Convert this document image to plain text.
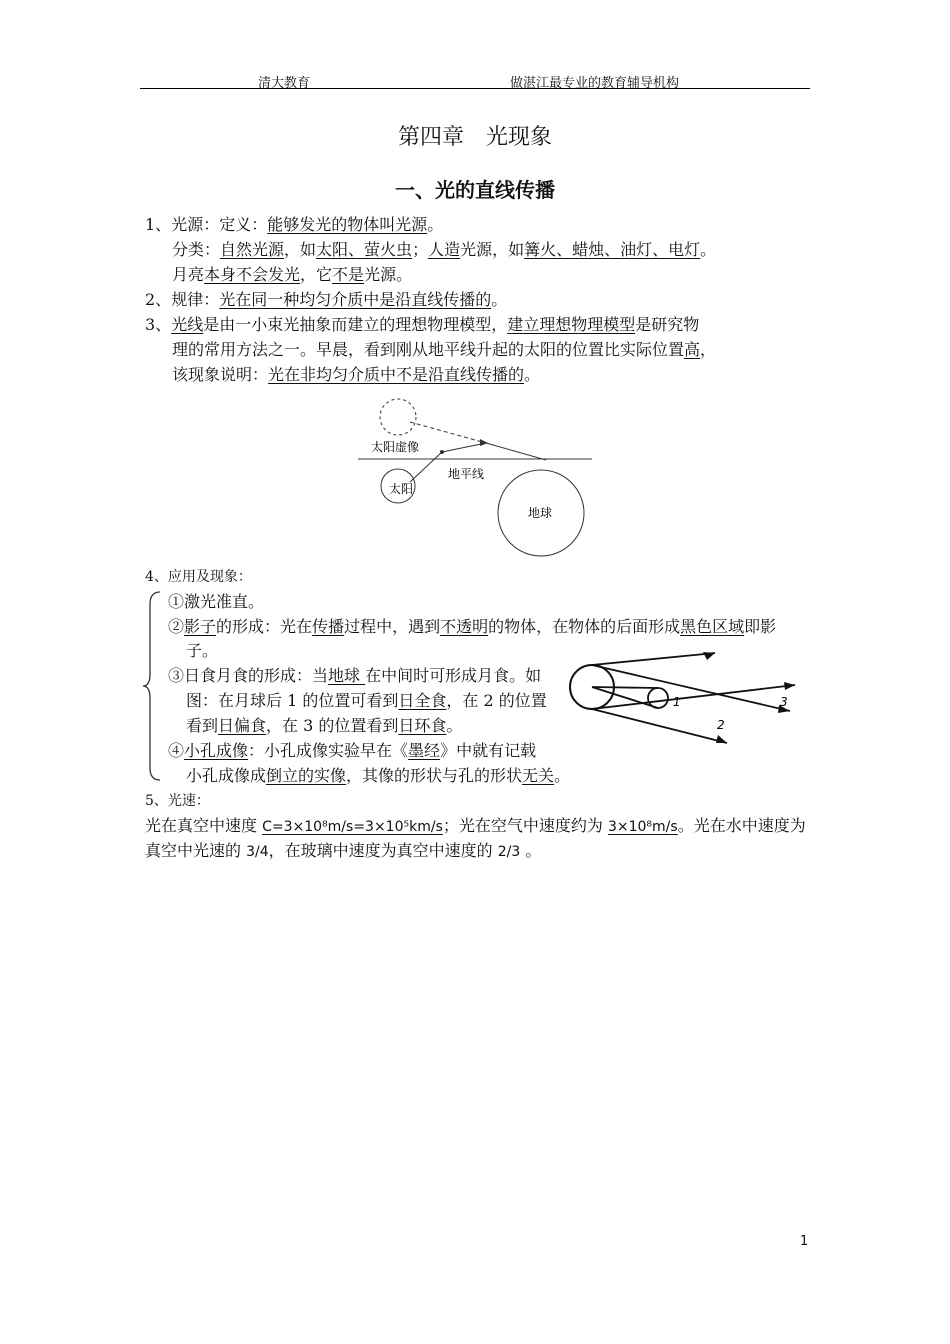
清大教育	做湛江最专业的教育辅导机构
第四章　光现象
一、光的直线传播
1、光源：定义：能够发光的物体叫光源。
分类：自然光源，如太阳、萤火虫；人造光源，如篝火、蜡烛、油灯、电灯。
月亮本身不会发光，它不是光源。
2、规律：光在同一种均匀介质中是沿直线传播的。
3、光线是由一小束光抽象而建立的理想物理模型，建立理想物理模型是研究物
理的常用方法之一。早晨，看到刚从地平线升起的太阳的位置比实际位置高，
该现象说明：光在非均匀介质中不是沿直线传播的。
太阳虚像
地平线
太阳
地球
4、应用及现象：
①激光准直。
②影子的形成：光在传播过程中，遇到不透明的物体，在物体的后面形成黑色区域即影
子。
③日食月食的形成：当地球 在中间时可形成月食。如
图：在月球后 1 的位置可看到日全食，在 2 的位置
看到日偏食，在 3 的位置看到日环食。
④小孔成像：小孔成像实验早在《墨经》中就有记载
小孔成像成倒立的实像，其像的形状与孔的形状无关。
1
2
3
5、光速：
光在真空中速度 C=3×10⁸m/s=3×10⁵km/s；光在空气中速度约为 3×10⁸m/s。光在水中速度为
真空中光速的 3/4，在玻璃中速度为真空中速度的 2/3 。
1
